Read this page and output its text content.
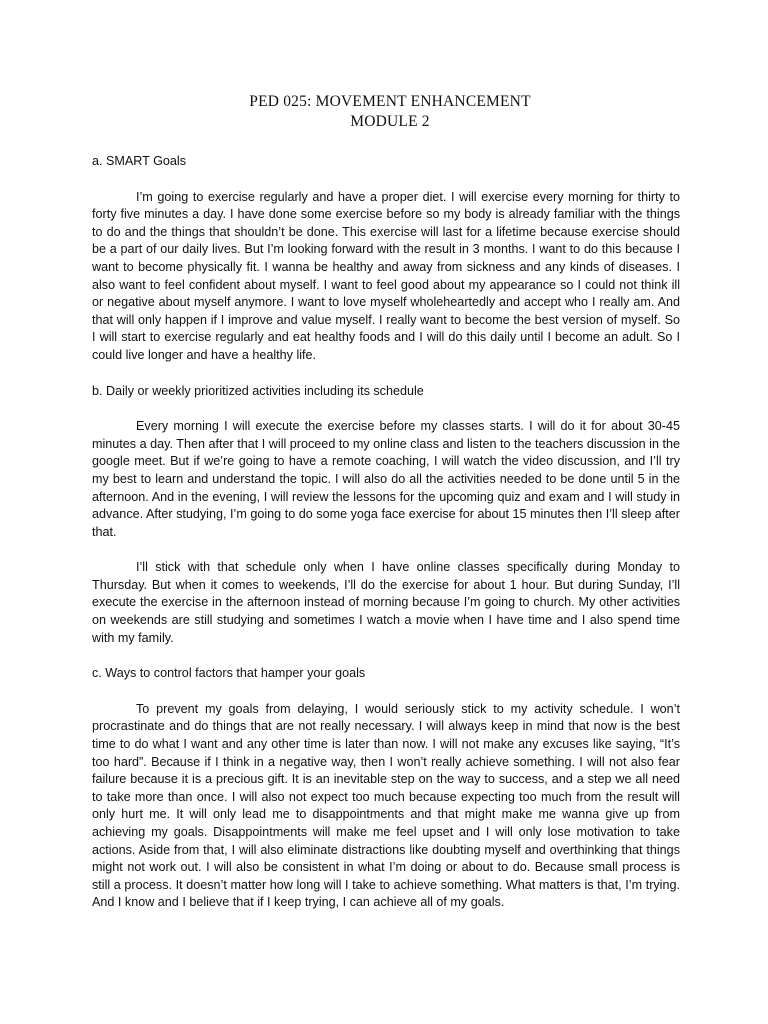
PED 025: MOVEMENT ENHANCEMENT
MODULE 2
a. SMART Goals

I’m going to exercise regularly and have a proper diet. I will exercise every morning for thirty to forty five minutes a day. I have done some exercise before so my body is already familiar with the things to do and the things that shouldn’t be done. This exercise will last for a lifetime because exercise should be a part of our daily lives. But I’m looking forward with the result in 3 months. I want to do this because I want to become physically fit. I wanna be healthy and away from sickness and any kinds of diseases. I also want to feel confident about myself. I want to feel good about my appearance so I could not think ill or negative about myself anymore. I want to love myself wholeheartedly and accept who I really am. And that will only happen if I improve and value myself. I really want to become the best version of myself. So I will start to exercise regularly and eat healthy foods and I will do this daily until I become an adult. So I could live longer and have a healthy life.

b. Daily or weekly prioritized activities including its schedule

Every morning I will execute the exercise before my classes starts. I will do it for about 30-45 minutes a day. Then after that I will proceed to my online class and listen to the teachers discussion in the google meet. But if we’re going to have a remote coaching, I will watch the video discussion, and I’ll try my best to learn and understand the topic. I will also do all the activities needed to be done until 5 in the afternoon. And in the evening, I will review the lessons for the upcoming quiz and exam and I will study in advance. After studying, I’m going to do some yoga face exercise for about 15 minutes then I’ll sleep after that.

I’ll stick with that schedule only when I have online classes specifically during Monday to Thursday. But when it comes to weekends, I’ll do the exercise for about 1 hour. But during Sunday, I’ll execute the exercise in the afternoon instead of morning because I’m going to church. My other activities on weekends are still studying and sometimes I watch a movie when I have time and I also spend time with my family.

c. Ways to control factors that hamper your goals

To prevent my goals from delaying, I would seriously stick to my activity schedule. I won’t procrastinate and do things that are not really necessary. I will always keep in mind that now is the best time to do what I want and any other time is later than now. I will not make any excuses like saying, “It’s too hard”. Because if I think in a negative way, then I won’t really achieve something. I will not also fear failure because it is a precious gift. It is an inevitable step on the way to success, and a step we all need to take more than once. I will also not expect too much because expecting too much from the result will only hurt me. It will only lead me to disappointments and that might make me wanna give up from achieving my goals. Disappointments will make me feel upset and I will only lose motivation to take actions. Aside from that, I will also eliminate distractions like doubting myself and overthinking that things might not work out. I will also be consistent in what I’m doing or about to do. Because small process is still a process. It doesn’t matter how long will I take to achieve something. What matters is that, I’m trying. And I know and I believe that if I keep trying, I can achieve all of my goals.
